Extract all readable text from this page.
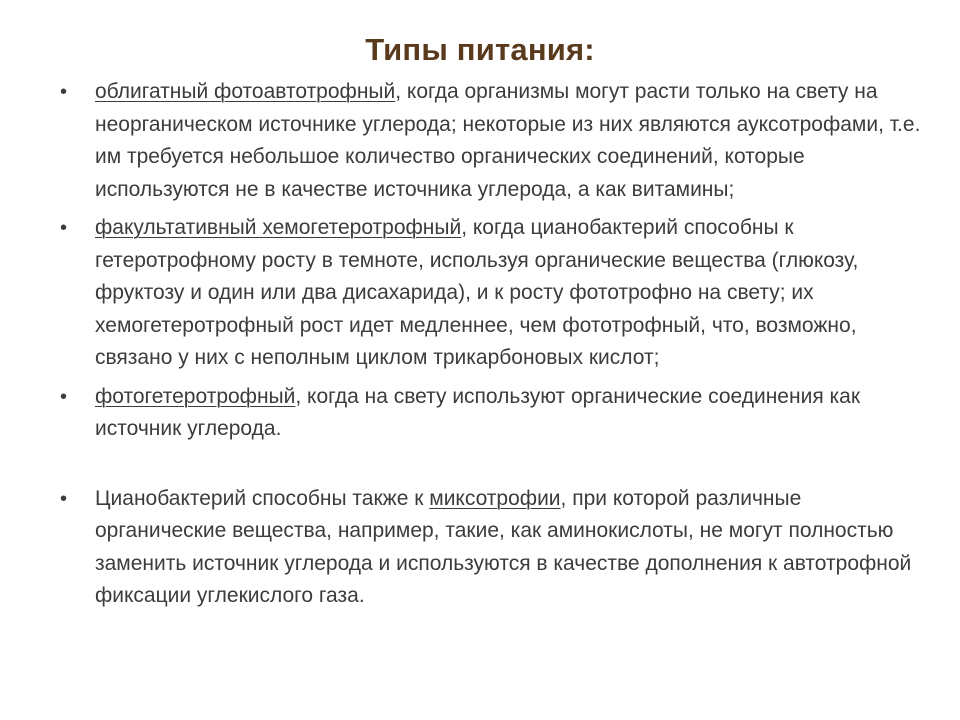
Типы питания:
•	облигатный фотоавтотрофный, когда организмы могут расти только на свету на неорганическом источнике углерода; некоторые из них являются ауксотрофами, т.е. им требуется небольшое количество органических соединений, которые используются не в качестве источника углерода, а как витамины;
•	факультативный хемогетеротрофный, когда цианобактерий способны к гетеротрофному росту в темноте, используя органические вещества (глюкозу, фруктозу и один или два дисахарида), и к росту фототрофно на свету; их хемогетеротрофный рост идет медленнее, чем фототрофный, что, возможно, связано у них с неполным циклом трикарбоновых кислот;
•	фотогетеротрофный, когда на свету используют органические соединения как источник углерода.
•	Цианобактерий способны также к миксотрофии, при которой различные органические вещества, например, такие, как аминокислоты, не могут полностью заменить источник углерода и используются в качестве дополнения к автотрофной фиксации углекислого газа.
